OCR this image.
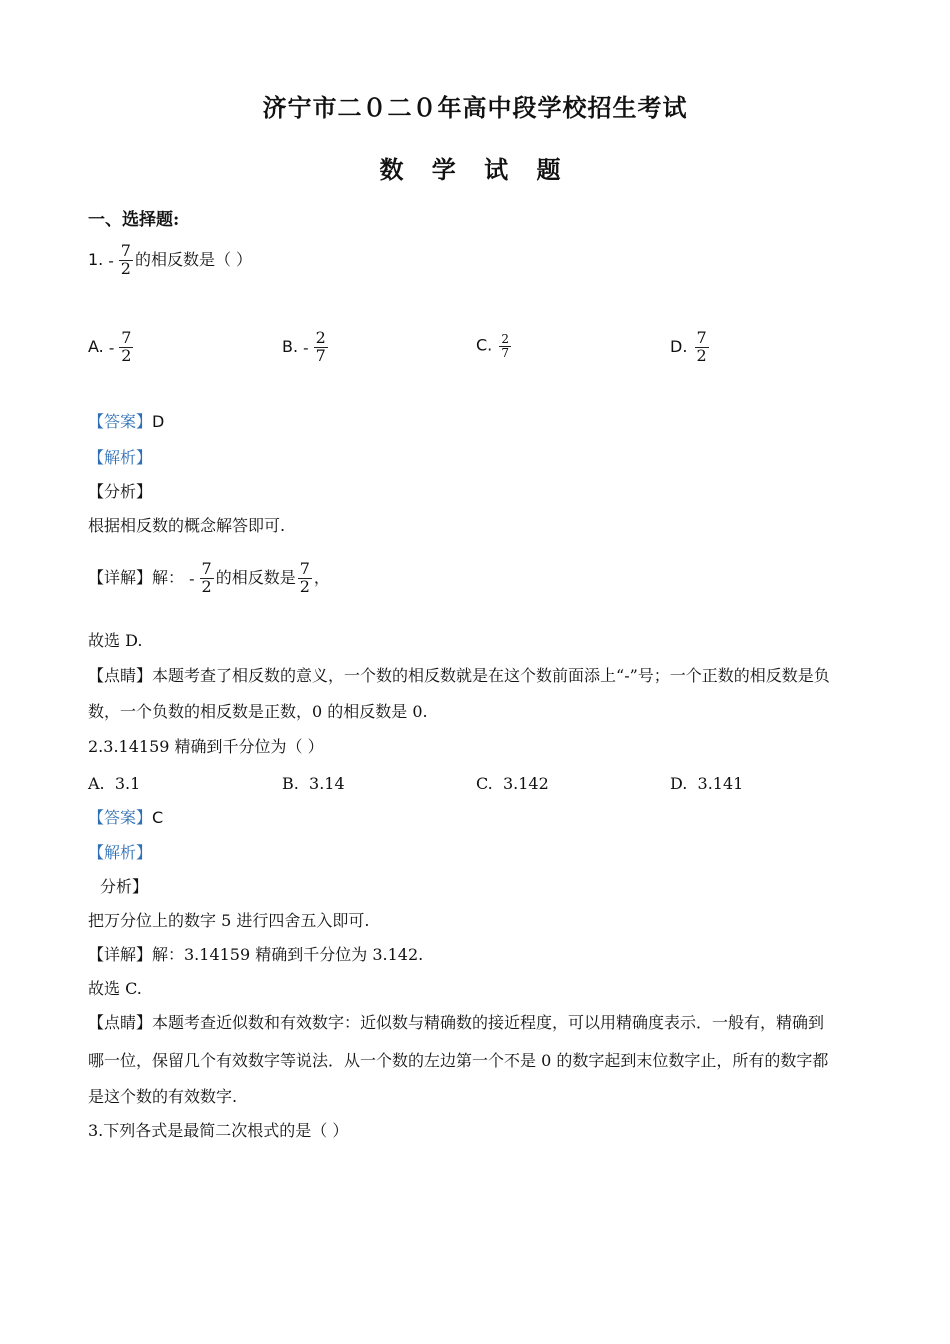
济宁市二０二０年高中段学校招生考试
数 学 试 题
一、选择题:
1. - $\frac{7}{2}$ 的相反数是（ ）
A. - $\frac{7}{2}$	B. - $\frac{2}{7}$	C. $\frac{2}{7}$	D. $\frac{7}{2}$
【答案】D
【解析】
【分析】
根据相反数的概念解答即可.
【详解】解： - $\frac{7}{2}$ 的相反数是 $\frac{7}{2}$ ，
故选 D.
【点睛】本题考查了相反数的意义，一个数的相反数就是在这个数前面添上“-”号；一个正数的相反数是负
数，一个负数的相反数是正数，0 的相反数是 0.
2.3.14159 精确到千分位为（ ）
A. 3.1	B. 3.14	C. 3.142	D. 3.141
【答案】C
【解析】
分析】
把万分位上的数字 5 进行四舍五入即可.
【详解】解：3.14159 精确到千分位为 3.142.
故选 C.
【点睛】本题考查近似数和有效数字：近似数与精确数的接近程度，可以用精确度表示．一般有，精确到
哪一位，保留几个有效数字等说法．从一个数的左边第一个不是 0 的数字起到末位数字止，所有的数字都
是这个数的有效数字.
3.下列各式是最简二次根式的是（ ）
